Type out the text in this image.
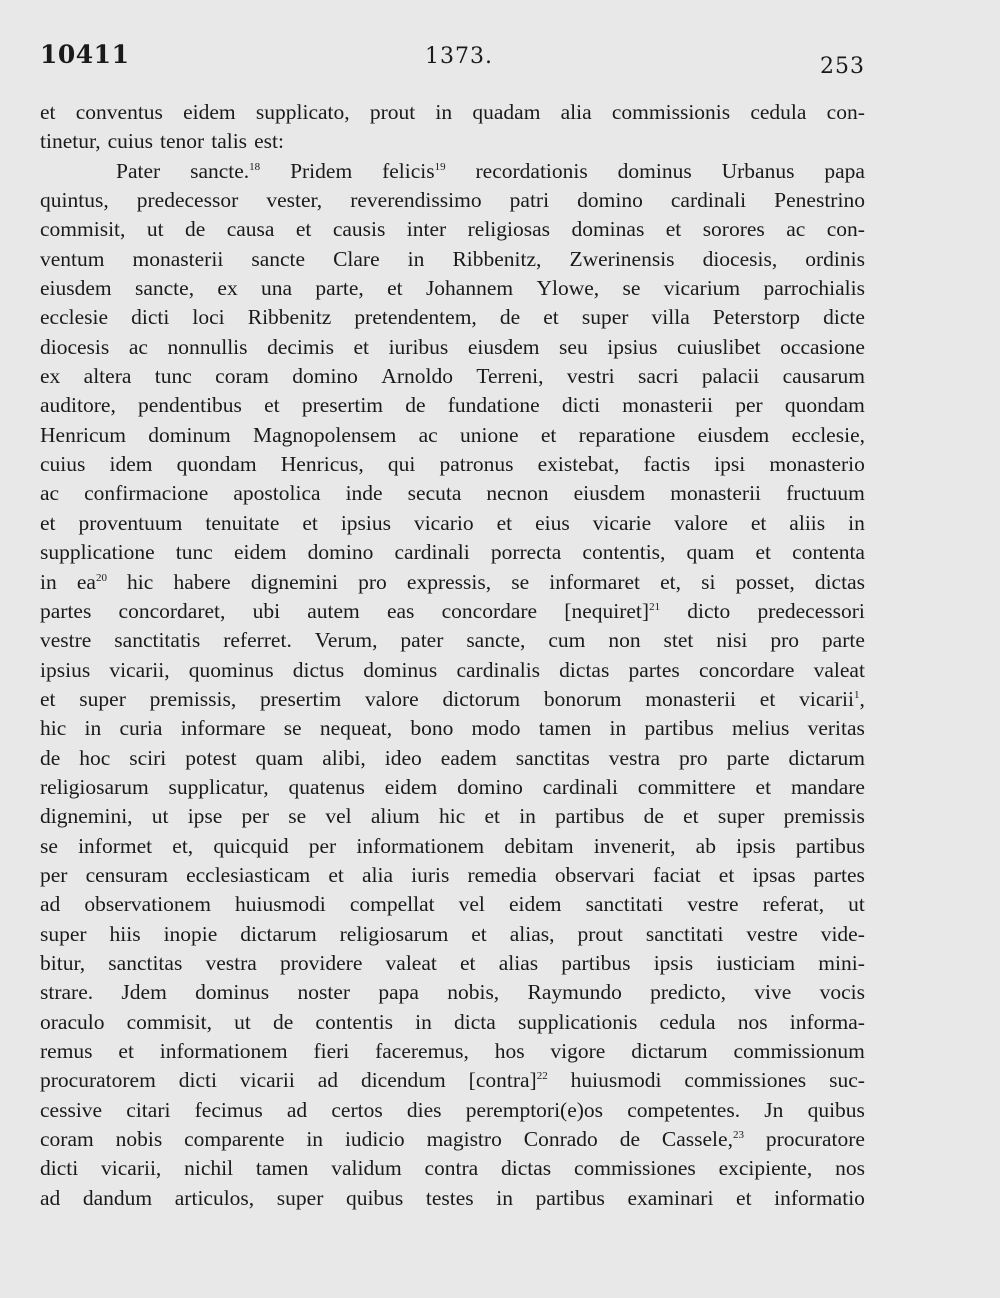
10411	1373.	253
et conventus eidem supplicato, prout in quadam alia commissionis cedula con-
tinetur, cuius tenor talis est:
Pater sancte.$^{18}$ Pridem felicis$^{19}$ recordationis dominus Urbanus papa
quintus, predecessor vester, reverendissimo patri domino cardinali Penestrino
commisit, ut de causa et causis inter religiosas dominas et sorores ac con-
ventum monasterii sancte Clare in Ribbenitz, Zwerinensis diocesis, ordinis
eiusdem sancte, ex una parte, et Johannem Ylowe, se vicarium parrochialis
ecclesie dicti loci Ribbenitz pretendentem, de et super villa Peterstorp dicte
diocesis ac nonnullis decimis et iuribus eiusdem seu ipsius cuiuslibet occasione
ex altera tunc coram domino Arnoldo Terreni, vestri sacri palacii causarum
auditore, pendentibus et presertim de fundatione dicti monasterii per quondam
Henricum dominum Magnopolensem ac unione et reparatione eiusdem ecclesie,
cuius idem quondam Henricus, qui patronus existebat, factis ipsi monasterio
ac confirmacione apostolica inde secuta necnon eiusdem monasterii fructuum
et proventuum tenuitate et ipsius vicario et eius vicarie valore et aliis in
supplicatione tunc eidem domino cardinali porrecta contentis, quam et contenta
in $ea^{20}$ hic habere dignemini pro expressis, se informaret et, si posset, dictas
partes concordaret, ubi autem eas concordare [nequiret]$^{21}$ dicto predecessori
vestre sanctitatis referret. Verum, pater sancte, cum non stet nisi pro parte
ipsius vicarii, quominus dictus dominus cardinalis dictas partes concordare valeat
et super premissis, presertim valore dictorum bonorum monasterii et vicarii$^1$,
hic in curia informare se nequeat, bono modo tamen in partibus melius veritas
de hoc sciri potest quam alibi, ideo eadem sanctitas vestra pro parte dictarum
religiosarum supplicatur, quatenus eidem domino cardinali committere et mandare
dignemini, ut ipse per se vel alium hic et in partibus de et super premissis
se informet et, quicquid per informationem debitam invenerit, ab ipsis partibus
per censuram ecclesiasticam et alia iuris remedia observari faciat et ipsas partes
ad observationem huiusmodi compellat vel eidem sanctitati vestre referat, ut
super hiis inopie dictarum religiosarum et alias, prout sanctitati vestre vide-
bitur, sanctitas vestra providere valeat et alias partibus ipsis iusticiam mini-
strare. Jdem dominus noster papa nobis, Raymundo predicto, vive vocis
oraculo commisit, ut de contentis in dicta supplicationis cedula nos informa-
remus et informationem fieri faceremus, hos vigore dictarum commissionum
procuratorem dicti vicarii ad dicendum [contra]$^{22}$ huiusmodi commissiones suc-
cessive citari fecimus ad certos dies peremptori(e)os competentes. Jn quibus
coram nobis comparente in iudicio magistro Conrado de Cassele,$^{23}$ procuratore
dicti vicarii, nichil tamen validum contra dictas commissiones excipiente, nos
ad dandum articulos, super quibus testes in partibus examinari et informatio
